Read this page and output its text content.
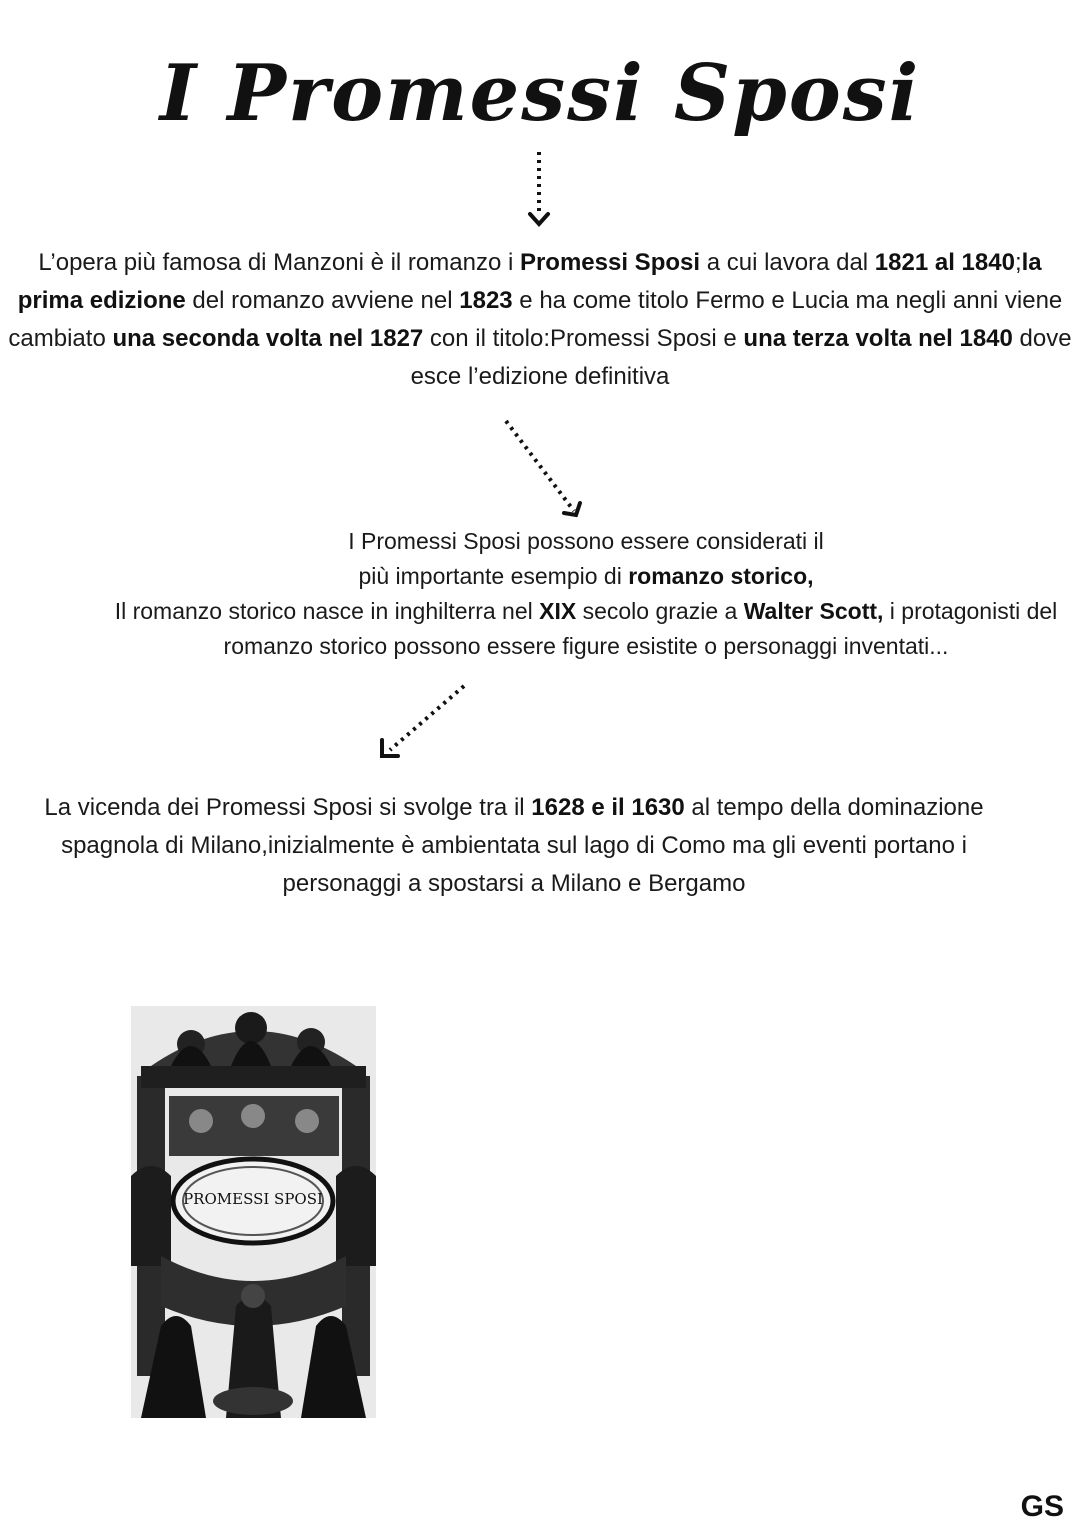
I Promessi Sposi

L’opera più famosa di Manzoni è il romanzo i Promessi Sposi a cui lavora dal 1821 al 1840;la prima edizione del romanzo avviene nel 1823 e ha come titolo Fermo e Lucia ma negli anni viene cambiato una seconda volta nel 1827 con il titolo:Promessi Sposi e una terza volta nel 1840 dove esce l’edizione definitiva

I Promessi Sposi possono essere considerati il
più importante esempio di romanzo storico,
Il romanzo storico nasce in inghilterra nel XIX secolo grazie a Walter Scott, i protagonisti del romanzo storico possono essere figure esistite o personaggi inventati...

La vicenda dei Promessi Sposi si svolge tra il 1628 e il 1630 al tempo della dominazione spagnola di Milano,inizialmente è ambientata sul lago di Como ma gli eventi portano i personaggi a spostarsi a Milano e Bergamo

PROMESSI SPOSI
GS
